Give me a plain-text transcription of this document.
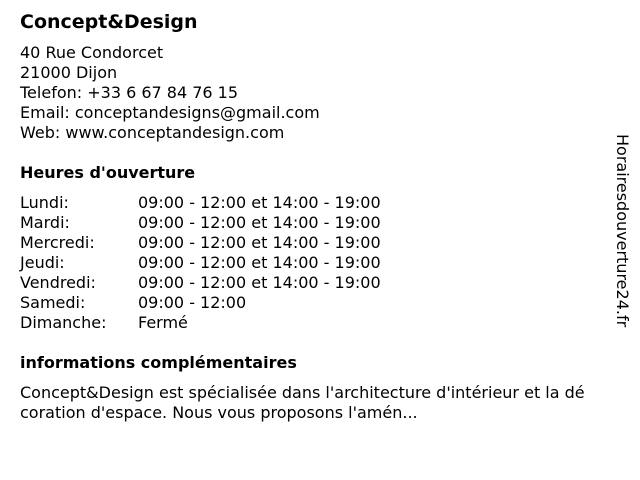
Concept&Design
40 Rue Condorcet
21000 Dijon
Telefon: +33 6 67 84 76 15
Email: conceptandesigns@gmail.com
Web: www.conceptandesign.com
Heures d'ouverture
Lundi:	09:00 - 12:00 et 14:00 - 19:00
Mardi:	09:00 - 12:00 et 14:00 - 19:00
Mercredi:	09:00 - 12:00 et 14:00 - 19:00
Jeudi:	09:00 - 12:00 et 14:00 - 19:00
Vendredi:	09:00 - 12:00 et 14:00 - 19:00
Samedi:	09:00 - 12:00
Dimanche:	Fermé
informations complémentaires

Concept&Design est spécialisée dans l'architecture d'intérieur et la décoration d'espace. Nous vous proposons l'amén...

Horairesdouverture24.fr
